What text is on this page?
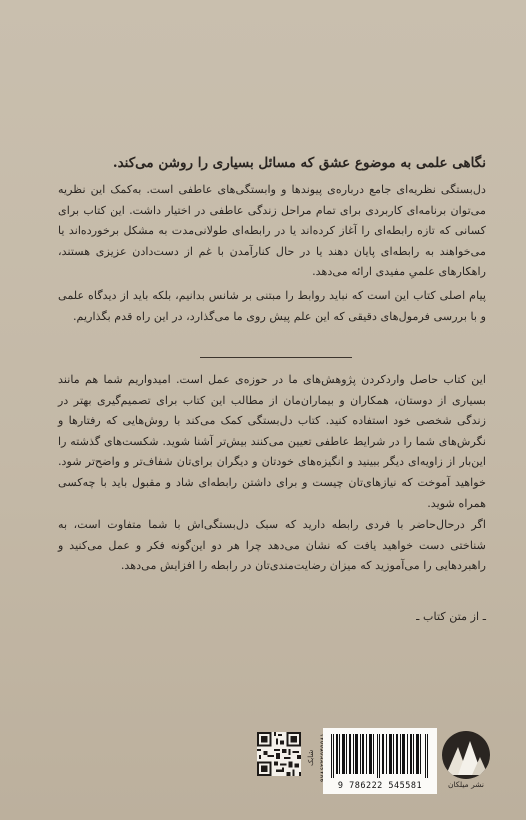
نگاهی علمی به موضوع عشق که مسائل بسیاری را روشن می‌کند.
دل‌بستگی نظریه‌ای جامع درباره‌ی پیوندها و وابستگی‌های عاطفی است. به‌کمک این نظریه می‌توان برنامه‌ای کاربردی برای تمام مراحل زندگی عاطفی در اختیار داشت. این کتاب برای کسانی که تازه رابطه‌ای را آغاز کرده‌اند یا در رابطه‌ای طولانی‌مدت به مشکل برخورده‌اند یا می‌خواهند به رابطه‌ای پایان دهند یا در حال کنارآمدن با غم از دست‌دادن عزیزی هستند، راهکارهای علمیِ مفیدی ارائه می‌دهد.
پیام اصلی کتاب این است که نباید روابط را مبتنی بر شانس بدانیم، بلکه باید از دیدگاه علمی و با بررسی فرمول‌های دقیقی که این علم پیش روی ما می‌گذارد، در این راه قدم بگذاریم.
این کتاب حاصل واردکردن پژوهش‌های ما در حوزه‌ی عمل است. امیدواریم شما هم مانند بسیاری از دوستان، همکاران و بیماران‌مان از مطالب این کتاب برای تصمیم‌گیری بهتر در زندگی شخصی خود استفاده کنید. کتاب دل‌بستگی کمک می‌کند با روش‌هایی که رفتارها و نگرش‌های شما را در شرایط عاطفی تعیین می‌کنند بیش‌تر آشنا شوید. شکست‌های گذشته را این‌بار از زاویه‌ای دیگر ببینید و انگیزه‌های خودتان و دیگران برای‌تان شفاف‌تر و واضح‌تر شود. خواهید آموخت که نیازهای‌تان چیست و برای داشتن رابطه‌ای شاد و مقبول باید با چه‌کسی همراه شوید.
اگر درحال‌حاضر با فردی رابطه دارید که سبک دل‌بستگی‌اش با شما متفاوت است، به شناختی دست خواهید یافت که نشان می‌دهد چرا هر دو این‌گونه فکر و عمل می‌کنید و راهبردهایی را می‌آموزید که میزان رضایت‌مندی‌تان در رابطه را افزایش می‌دهد.
ـ از متن کتاب ـ
شابک
9 786222 545581	نشر میلکان
